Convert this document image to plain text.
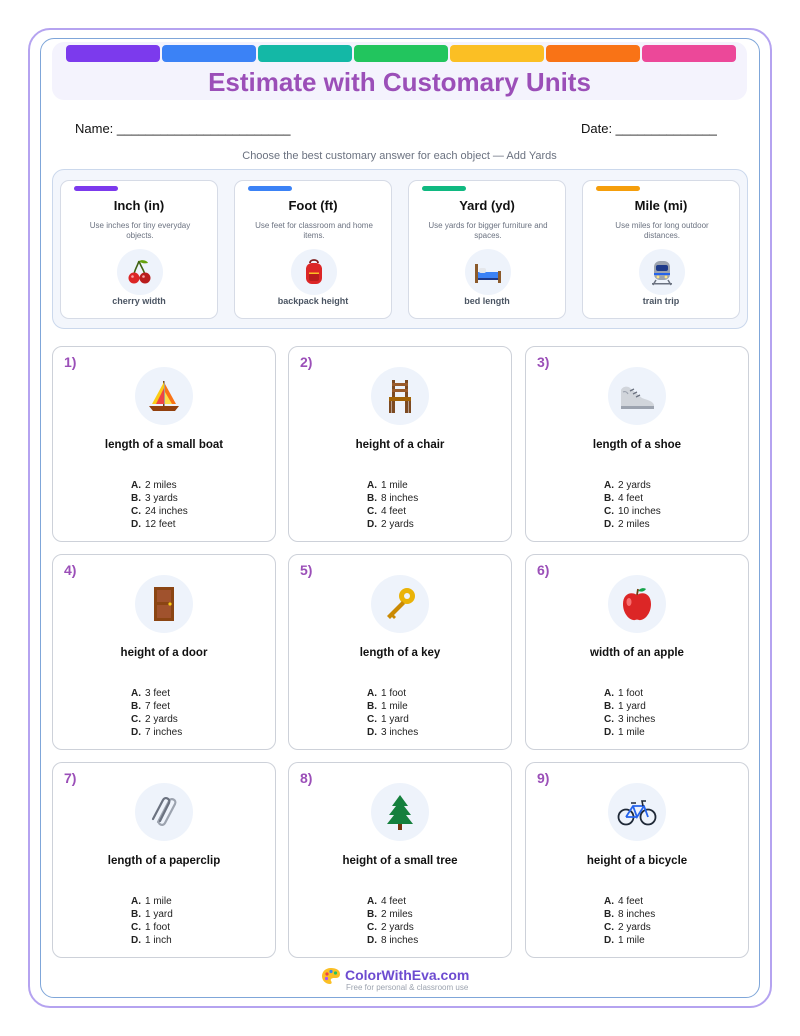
Estimate with Customary Units
Name: ________________________	Date: ______________
Choose the best customary answer for each object — Add Yards
Inch (in)
Use inches for tiny everyday objects.
cherry width
Foot (ft)
Use feet for classroom and home items.
backpack height
Yard (yd)
Use yards for bigger furniture and spaces.
bed length
Mile (mi)
Use miles for long outdoor distances.
train trip
1)
length of a small boat
A. 2 miles
B. 3 yards
C. 24 inches
D. 12 feet
2)
height of a chair
A. 1 mile
B. 8 inches
C. 4 feet
D. 2 yards
3)
length of a shoe
A. 2 yards
B. 4 feet
C. 10 inches
D. 2 miles
4)
height of a door
A. 3 feet
B. 7 feet
C. 2 yards
D. 7 inches
5)
length of a key
A. 1 foot
B. 1 mile
C. 1 yard
D. 3 inches
6)
width of an apple
A. 1 foot
B. 1 yard
C. 3 inches
D. 1 mile
7)
length of a paperclip
A. 1 mile
B. 1 yard
C. 1 foot
D. 1 inch
8)
height of a small tree
A. 4 feet
B. 2 miles
C. 2 yards
D. 8 inches
9)
height of a bicycle
A. 4 feet
B. 8 inches
C. 2 yards
D. 1 mile
ColorWithEva.com
Free for personal & classroom use
